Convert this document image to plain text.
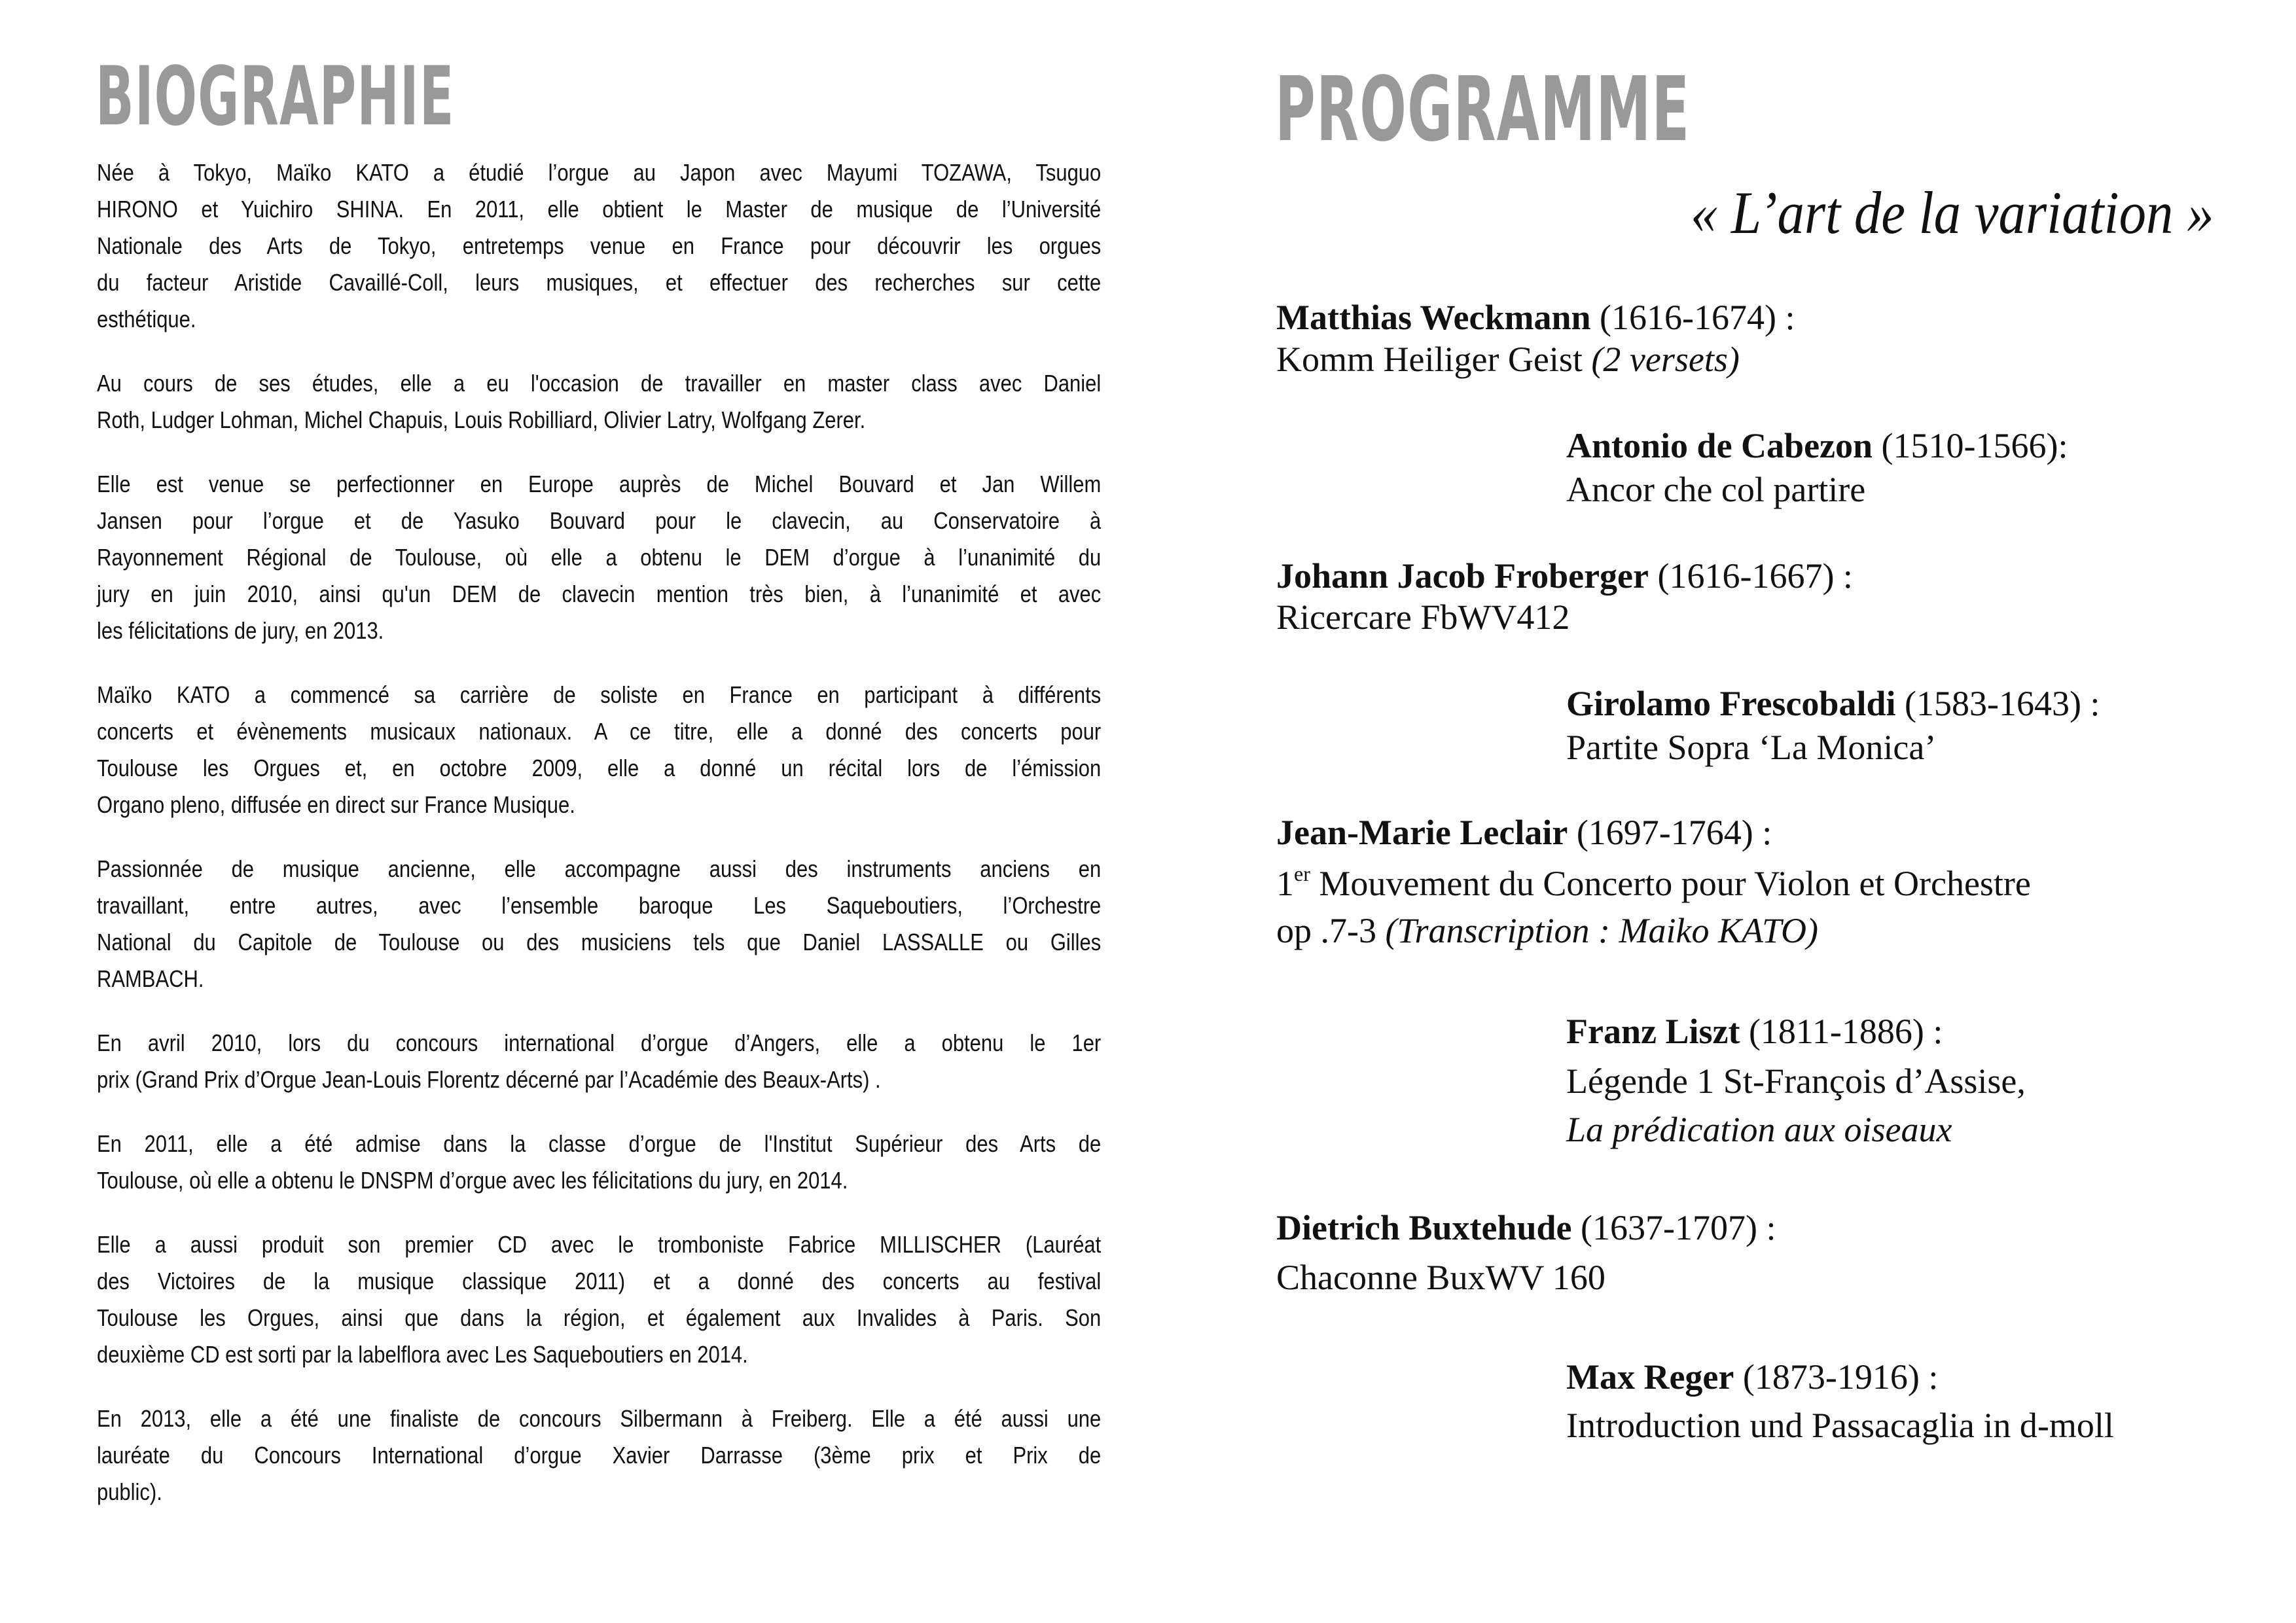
BIOGRAPHIE
Née à Tokyo, Maïko KATO a étudié l’orgue au Japon avec Mayumi TOZAWA, Tsuguo
HIRONO et Yuichiro SHINA. En 2011, elle obtient le Master de musique de l’Université
Nationale des Arts de Tokyo, entretemps venue en France pour découvrir les orgues
du facteur Aristide Cavaillé-Coll, leurs musiques, et effectuer des recherches sur cette
esthétique.
Au cours de ses études, elle a eu l'occasion de travailler en master class avec Daniel
Roth, Ludger Lohman, Michel Chapuis, Louis Robilliard, Olivier Latry, Wolfgang Zerer.
Elle est venue se perfectionner en Europe auprès de Michel Bouvard et Jan Willem
Jansen pour l’orgue et de Yasuko Bouvard pour le clavecin, au Conservatoire à
Rayonnement Régional de Toulouse, où elle a obtenu le DEM d’orgue à l’unanimité du
jury en juin 2010, ainsi qu'un DEM de clavecin mention très bien, à l’unanimité et avec
les félicitations de jury, en 2013.
Maïko KATO a commencé sa carrière de soliste en France en participant à différents
concerts et évènements musicaux nationaux. A ce titre, elle a donné des concerts pour
Toulouse les Orgues et, en octobre 2009, elle a donné un récital lors de l’émission
Organo pleno, diffusée en direct sur France Musique.
Passionnée de musique ancienne, elle accompagne aussi des instruments anciens en
travaillant, entre autres, avec l’ensemble baroque Les Saqueboutiers, l’Orchestre
National du Capitole de Toulouse ou des musiciens tels que Daniel LASSALLE ou Gilles
RAMBACH.
En avril 2010, lors du concours international d’orgue d’Angers, elle a obtenu le 1er
prix (Grand Prix d’Orgue Jean-Louis Florentz décerné par l’Académie des Beaux-Arts) .
En 2011, elle a été admise dans la classe d’orgue de l'Institut Supérieur des Arts de
Toulouse, où elle a obtenu le DNSPM d’orgue avec les félicitations du jury, en 2014.
Elle a aussi produit son premier CD avec le tromboniste Fabrice MILLISCHER (Lauréat
des Victoires de la musique classique 2011) et a donné des concerts au festival
Toulouse les Orgues, ainsi que dans la région, et également aux Invalides à Paris. Son
deuxième CD est sorti par la labelflora avec Les Saqueboutiers en 2014.
En 2013, elle a été une finaliste de concours Silbermann à Freiberg. Elle a été aussi une
lauréate du Concours International d’orgue Xavier Darrasse (3ème prix et Prix de
public).
PROGRAMME
« L’art de la variation »
Matthias Weckmann (1616-1674) :
Komm Heiliger Geist (2 versets)
Antonio de Cabezon (1510-1566):
Ancor che col partire
Johann Jacob Froberger (1616-1667) :
Ricercare FbWV412
Girolamo Frescobaldi (1583-1643) :
Partite Sopra ‘La Monica’
Jean-Marie Leclair (1697-1764) :
1er Mouvement du Concerto pour Violon et Orchestre
op .7-3 (Transcription : Maiko KATO)
Franz Liszt (1811-1886) :
Légende 1 St-François d’Assise,
La prédication aux oiseaux
Dietrich Buxtehude (1637-1707) :
Chaconne BuxWV 160
Max Reger (1873-1916) :
Introduction und Passacaglia in d-moll
